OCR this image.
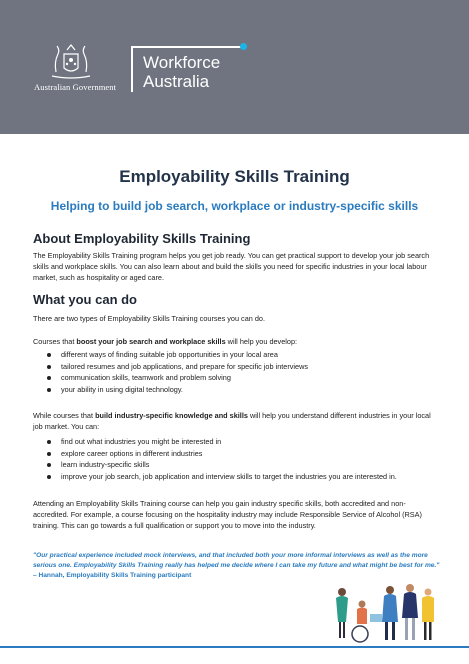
Australian Government
Workforce
Australia
Employability Skills Training
Helping to build job search, workplace or industry-specific skills
About Employability Skills Training

The Employability Skills Training program helps you get job ready. You can get practical support to develop your job search skills and workplace skills. You can also learn about and build the skills you need for specific industries in your local labour market, such as hospitality or aged care.

What you can do

There are two types of Employability Skills Training courses you can do.

Courses that boost your job search and workplace skills will help you develop:

different ways of finding suitable job opportunities in your local area
tailored resumes and job applications, and prepare for specific job interviews
communication skills, teamwork and problem solving
your ability in using digital technology.

While courses that build industry-specific knowledge and skills will help you understand different industries in your local job market. You can:

find out what industries you might be interested in
explore career options in different industries
learn industry-specific skills
improve your job search, job application and interview skills to target the industries you are interested in.

Attending an Employability Skills Training course can help you gain industry specific skills, both accredited and non-accredited. For example, a course focusing on the hospitality industry may include Responsible Service of Alcohol (RSA) training. This can go towards a full qualification or support you to move into the industry.

"Our practical experience included mock interviews, and that included both your more informal interviews as well as the more serious one. Employability Skills Training really has helped me decide where I can take my future and what might be best for me." – Hannah, Employability Skills Training participant
